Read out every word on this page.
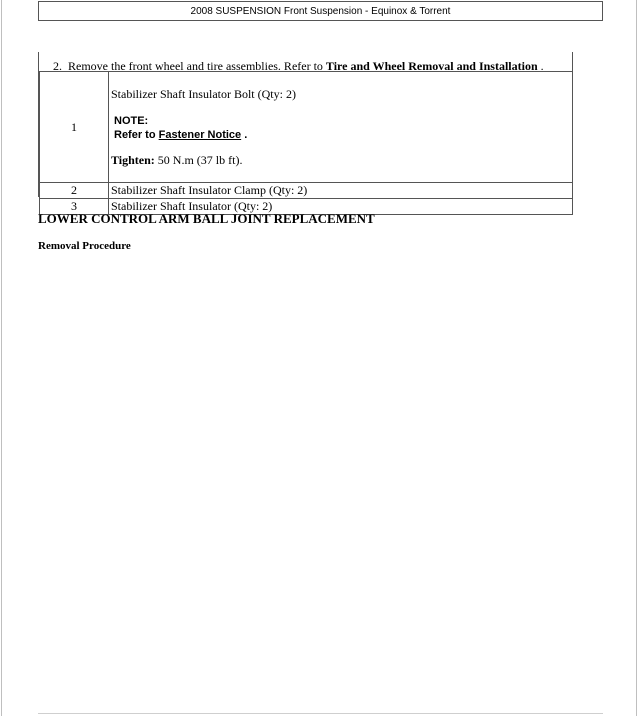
2008 SUSPENSION Front Suspension - Equinox & Torrent
2. Remove the front wheel and tire assemblies. Refer to Tire and Wheel Removal and Installation .
1	Stabilizer Shaft Insulator Bolt (Qty: 2)
NOTE:
Refer to Fastener Notice .
Tighten: 50 N.m (37 lb ft).

2	Stabilizer Shaft Insulator Clamp (Qty: 2)
3	Stabilizer Shaft Insulator (Qty: 2)
LOWER CONTROL ARM BALL JOINT REPLACEMENT
Removal Procedure
